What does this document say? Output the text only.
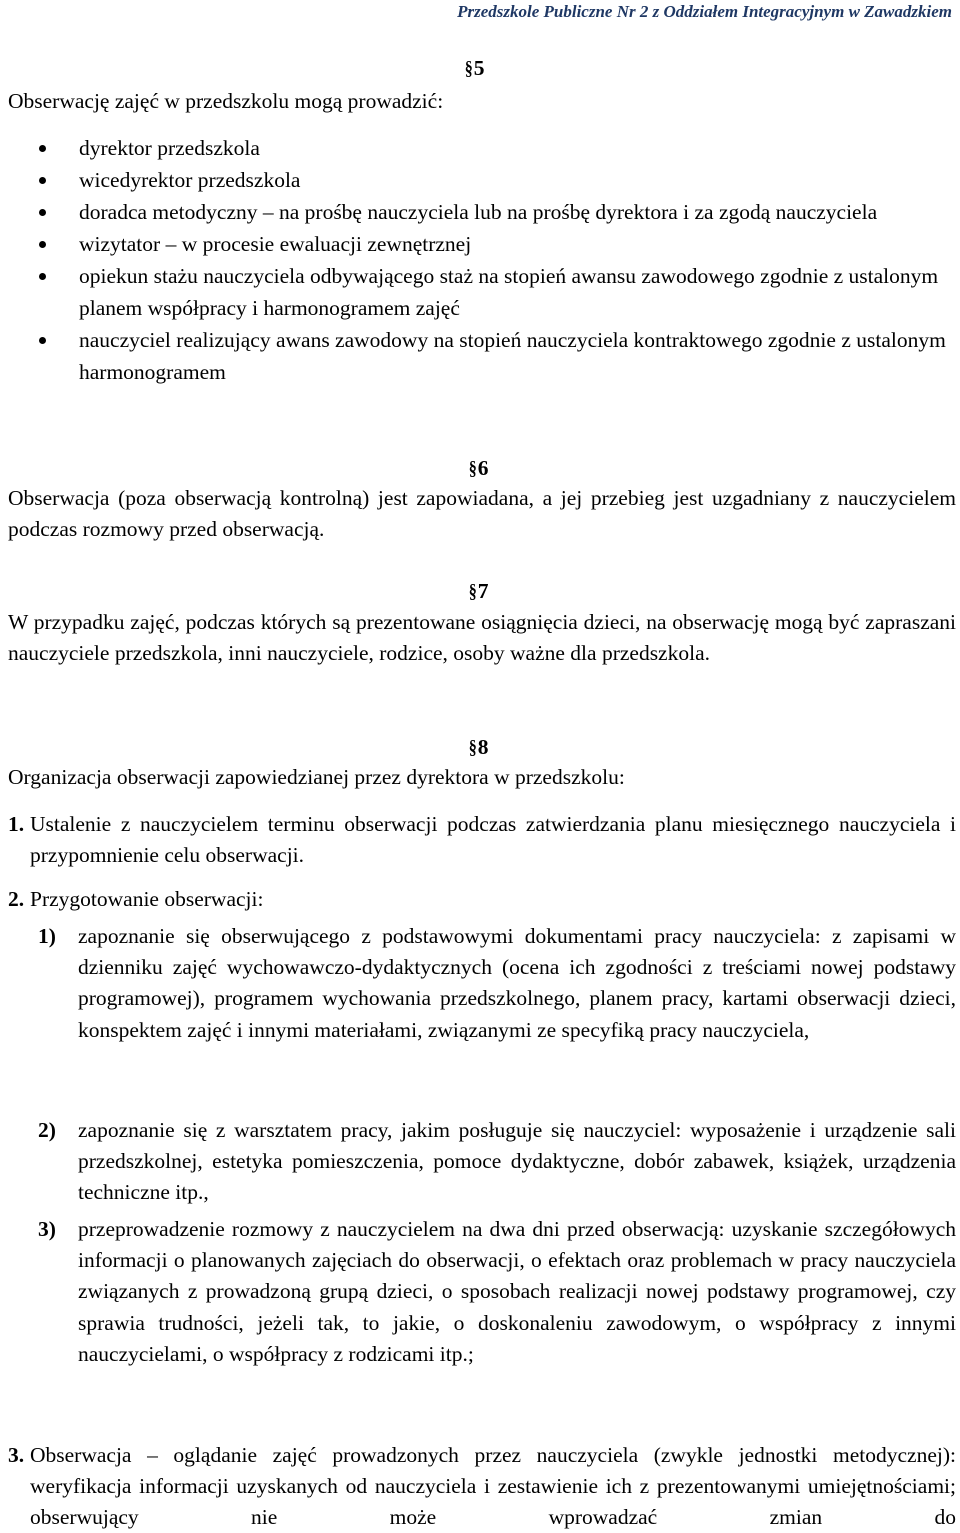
Przedszkole Publiczne Nr 2 z Oddziałem Integracyjnym w Zawadzkiem
§5
Obserwację zajęć w przedszkolu mogą prowadzić:
dyrektor przedszkola
wicedyrektor przedszkola
doradca metodyczny – na prośbę nauczyciela lub na prośbę dyrektora i za zgodą nauczyciela
wizytator – w procesie ewaluacji zewnętrznej
opiekun stażu nauczyciela odbywającego staż na stopień awansu zawodowego zgodnie z ustalonym planem współpracy i harmonogramem zajęć
nauczyciel realizujący awans zawodowy na stopień nauczyciela kontraktowego zgodnie z ustalonym harmonogramem
§6
Obserwacja (poza obserwacją kontrolną) jest zapowiadana, a jej przebieg jest uzgadniany z nauczycielem podczas rozmowy przed obserwacją.
§7
W przypadku zajęć, podczas których są prezentowane osiągnięcia dzieci, na obserwację mogą być zapraszani nauczyciele przedszkola, inni nauczyciele, rodzice, osoby ważne dla przedszkola.
§8
Organizacja obserwacji zapowiedzianej przez dyrektora w przedszkolu:
1. Ustalenie z nauczycielem terminu obserwacji podczas zatwierdzania planu miesięcznego nauczyciela i przypomnienie celu obserwacji.
2. Przygotowanie obserwacji:
1) zapoznanie się obserwującego z podstawowymi dokumentami pracy nauczyciela: z zapisami w dzienniku zajęć wychowawczo-dydaktycznych (ocena ich zgodności z treściami nowej podstawy programowej), programem wychowania przedszkolnego, planem pracy, kartami obserwacji dzieci, konspektem zajęć i innymi materiałami, związanymi ze specyfiką pracy nauczyciela,
2) zapoznanie się z warsztatem pracy, jakim posługuje się nauczyciel: wyposażenie i urządzenie sali przedszkolnej, estetyka pomieszczenia, pomoce dydaktyczne, dobór zabawek, książek, urządzenia techniczne itp.,
3) przeprowadzenie rozmowy z nauczycielem na dwa dni przed obserwacją: uzyskanie szczegółowych informacji o planowanych zajęciach do obserwacji, o efektach oraz problemach w pracy nauczyciela związanych z prowadzoną grupą dzieci, o sposobach realizacji nowej podstawy programowej, czy sprawia trudności, jeżeli tak, to jakie, o doskonaleniu zawodowym, o współpracy z innymi nauczycielami, o współpracy z rodzicami itp.;
3. Obserwacja – oglądanie zajęć prowadzonych przez nauczyciela (zwykle jednostki metodycznej): weryfikacja informacji uzyskanych od nauczyciela i zestawienie ich z prezentowanymi umiejętnościami; obserwujący nie może wprowadzać zmian do
